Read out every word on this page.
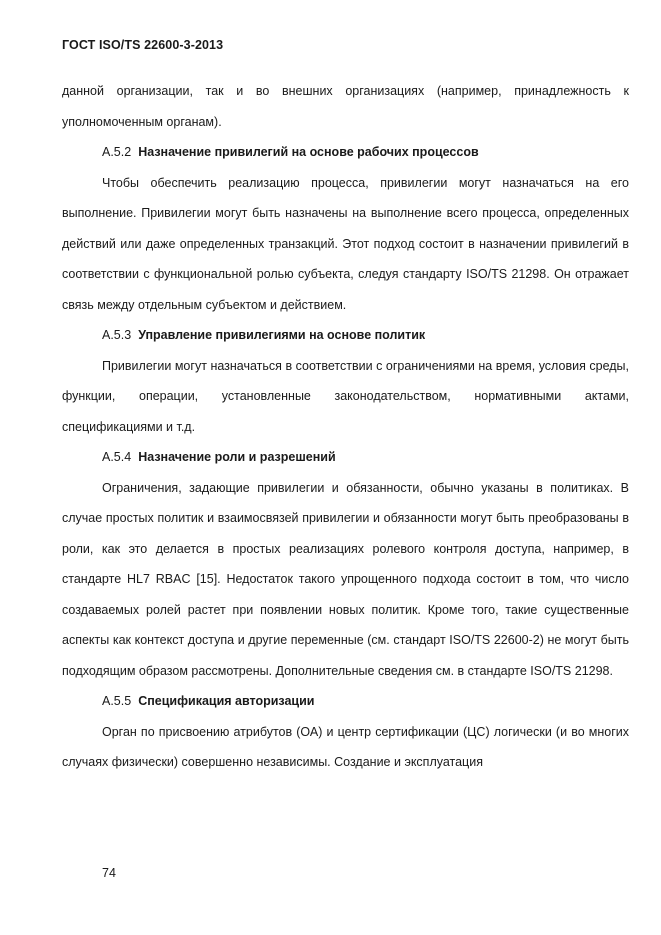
ГОСТ ISO/TS 22600-3-2013

данной организации, так и во внешних организациях (например, принадлежность к уполномоченным органам).

А.5.2 Назначение привилегий на основе рабочих процессов

Чтобы обеспечить реализацию процесса, привилегии могут назначаться на его выполнение. Привилегии могут быть назначены на выполнение всего процесса, определенных действий или даже определенных транзакций. Этот подход состоит в назначении привилегий в соответствии с функциональной ролью субъекта, следуя стандарту ISO/TS 21298. Он отражает связь между отдельным субъектом и действием.

А.5.3 Управление привилегиями на основе политик

Привилегии могут назначаться в соответствии с ограничениями на время, условия среды, функции, операции, установленные законодательством, нормативными актами, спецификациями и т.д.

А.5.4 Назначение роли и разрешений

Ограничения, задающие привилегии и обязанности, обычно указаны в политиках. В случае простых политик и взаимосвязей привилегии и обязанности могут быть преобразованы в роли, как это делается в простых реализациях ролевого контроля доступа, например, в стандарте HL7 RBAC [15]. Недостаток такого упрощенного подхода состоит в том, что число создаваемых ролей растет при появлении новых политик. Кроме того, такие существенные аспекты как контекст доступа и другие переменные (см. стандарт ISO/TS 22600-2) не могут быть подходящим образом рассмотрены. Дополнительные сведения см. в стандарте ISO/TS 21298.

А.5.5 Спецификация авторизации

Орган по присвоению атрибутов (ОА) и центр сертификации (ЦС) логически (и во многих случаях физически) совершенно независимы. Создание и эксплуатация

74
